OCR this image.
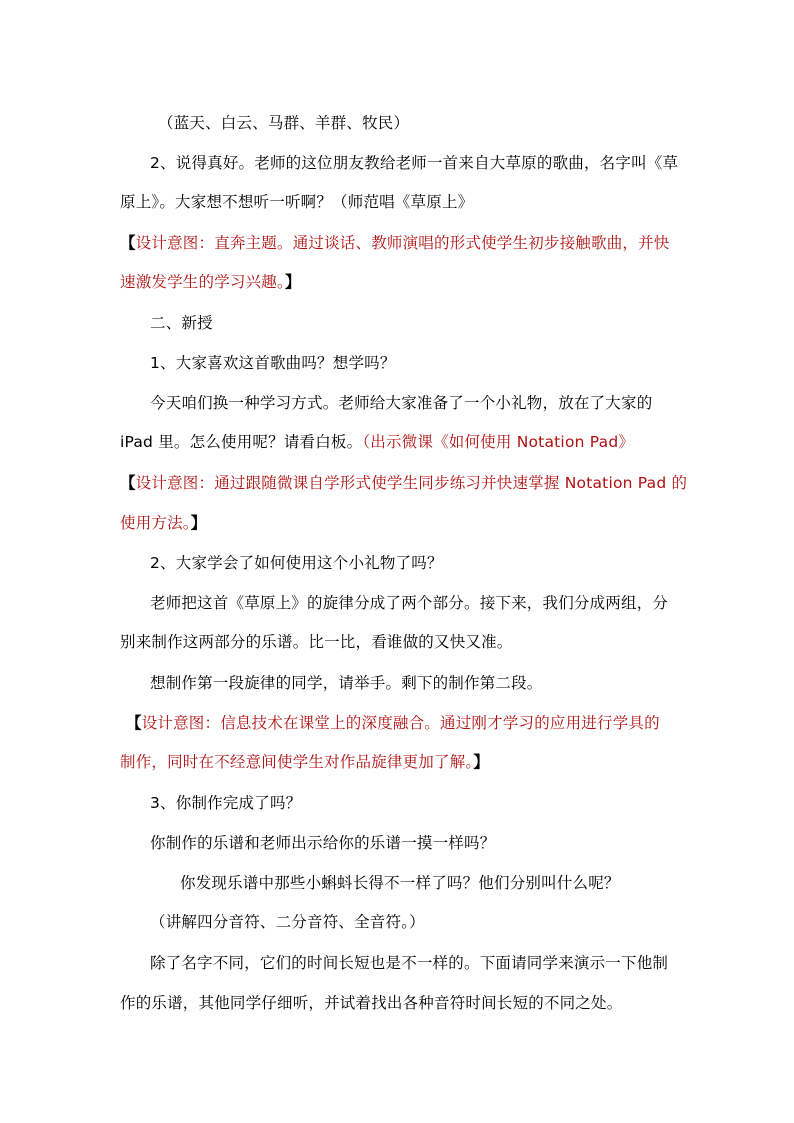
（蓝天、白云、马群、羊群、牧民）
2、说得真好。老师的这位朋友教给老师一首来自大草原的歌曲，名字叫《草
原上》。大家想不想听一听啊？（师范唱《草原上》
【设计意图：直奔主题。通过谈话、教师演唱的形式使学生初步接触歌曲，并快
速激发学生的学习兴趣。】
二、新授
1、大家喜欢这首歌曲吗？想学吗？
今天咱们换一种学习方式。老师给大家准备了一个小礼物，放在了大家的
iPad 里。怎么使用呢？请看白板。（出示微课《如何使用 Notation Pad》
【设计意图：通过跟随微课自学形式使学生同步练习并快速掌握 Notation Pad 的
使用方法。】
2、大家学会了如何使用这个小礼物了吗？
老师把这首《草原上》的旋律分成了两个部分。接下来，我们分成两组，分
别来制作这两部分的乐谱。比一比，看谁做的又快又准。
想制作第一段旋律的同学，请举手。剩下的制作第二段。
【设计意图：信息技术在课堂上的深度融合。通过刚才学习的应用进行学具的
制作，同时在不经意间使学生对作品旋律更加了解。】
3、你制作完成了吗？
你制作的乐谱和老师出示给你的乐谱一摸一样吗？
你发现乐谱中那些小蝌蚪长得不一样了吗？他们分别叫什么呢？
（讲解四分音符、二分音符、全音符。）
除了名字不同，它们的时间长短也是不一样的。下面请同学来演示一下他制
作的乐谱，其他同学仔细听，并试着找出各种音符时间长短的不同之处。
